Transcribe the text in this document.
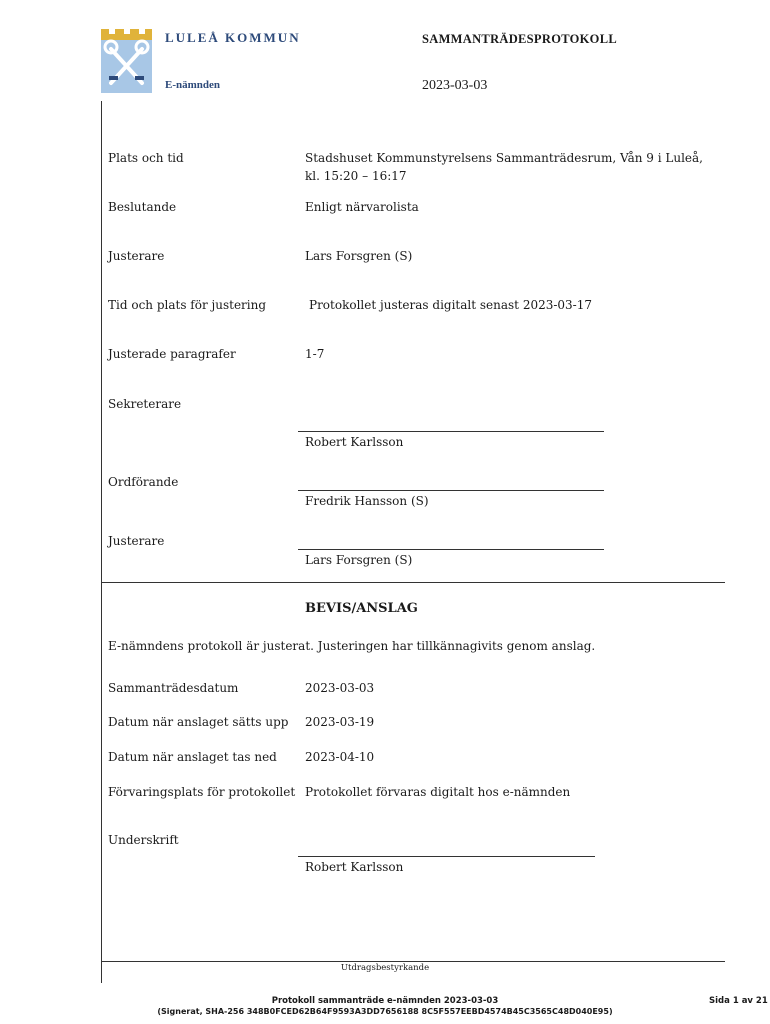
LULEÅ KOMMUN
E-nämnden
SAMMANTRÄDESPROTOKOLL
2023-03-03
Plats och tid	Stadshuset Kommunstyrelsens Sammanträdesrum, Vån 9 i Luleå, kl. 15:20 – 16:17
Beslutande	Enligt närvarolista
Justerare	Lars Forsgren (S)
Tid och plats för justering	Protokollet justeras digitalt senast 2023-03-17
Justerade paragrafer	1-7
Sekreterare
Robert Karlsson
Ordförande
Fredrik Hansson (S)
Justerare
Lars Forsgren (S)
BEVIS/ANSLAG
E-nämndens protokoll är justerat. Justeringen har tillkännagivits genom anslag.
Sammanträdesdatum	2023-03-03
Datum när anslaget sätts upp 2023-03-19
Datum när anslaget tas ned 2023-04-10
Förvaringsplats för protokollet Protokollet förvaras digitalt hos e-nämnden
Underskrift
Robert Karlsson
Utdragsbestyrkande
Protokoll sammanträde e-nämnden 2023-03-03
(Signerat, SHA-256 348B0FCED62B64F9593A3DD7656188 8C5F557EEBD4574B45C3565C48D040E95)
Sida 1 av 21
